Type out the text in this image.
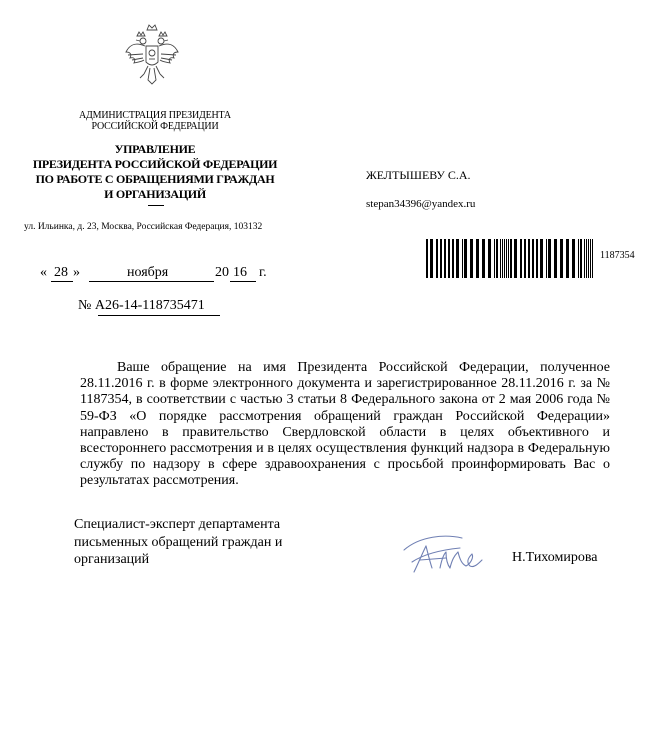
АДМИНИСТРАЦИЯ ПРЕЗИДЕНТА
РОССИЙСКОЙ ФЕДЕРАЦИИ
УПРАВЛЕНИЕ
ПРЕЗИДЕНТА РОССИЙСКОЙ ФЕДЕРАЦИИ
ПО РАБОТЕ С ОБРАЩЕНИЯМИ ГРАЖДАН
И ОРГАНИЗАЦИЙ
ул. Ильинка, д. 23, Москва, Российская Федерация, 103132
ЖЕЛТЫШЕВУ С.А.
stepan34396@yandex.ru
1187354
« 28 »	ноября	20 16 г.
№ А26-14-118735471

Ваше обращение на имя Президента Российской Федерации, полученное 28.11.2016 г. в форме электронного документа и зарегистрированное 28.11.2016 г. за № 1187354, в соответствии с частью 3 статьи 8 Федерального закона от 2 мая 2006 года № 59-ФЗ «О порядке рассмотрения обращений граждан Российской Федерации» направлено в правительство Свердловской области в целях объективного и всестороннего рассмотрения и в целях осуществления функций надзора в Федеральную службу по надзору в сфере здравоохранения с просьбой проинформировать Вас о результатах рассмотрения.

Специалист-эксперт департамента
письменных обращений граждан и
организаций	Н.Тихомирова
